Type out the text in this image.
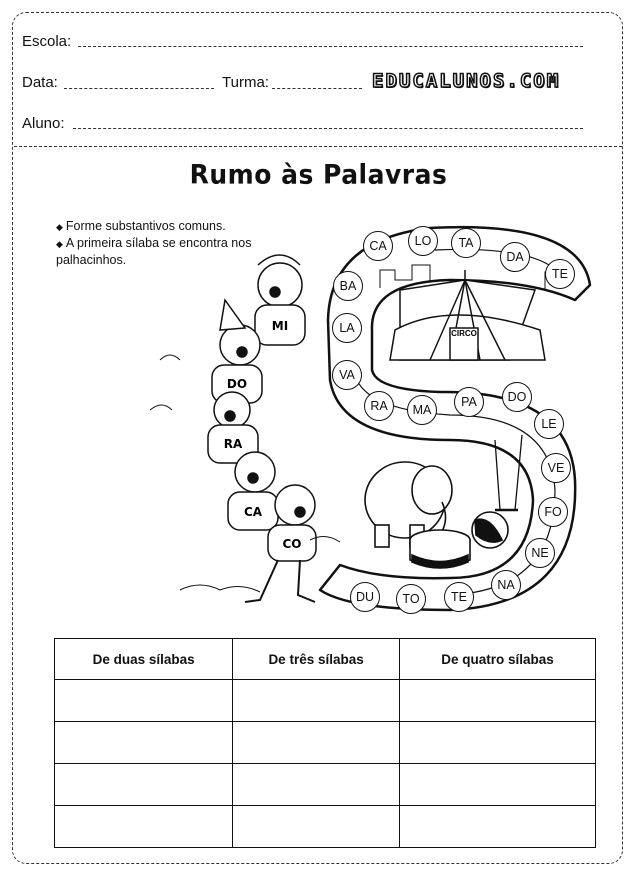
Escola:
Data:	Turma:	EDUCALUNOS.COM
Aluno:
Rumo às Palavras
◆ Forme substantivos comuns.
◆ A primeira sílaba se encontra nos palhacinhos.
CIRCO
MI
DO
RA
CA
CO
CA	LO	TA
DA
TE
BA
LA
VA
RA	MA
PA	DO
LE
VE
FO
NE
NA
TE
TO
DU
De duas sílabas	De três sílabas	De quatro sílabas
